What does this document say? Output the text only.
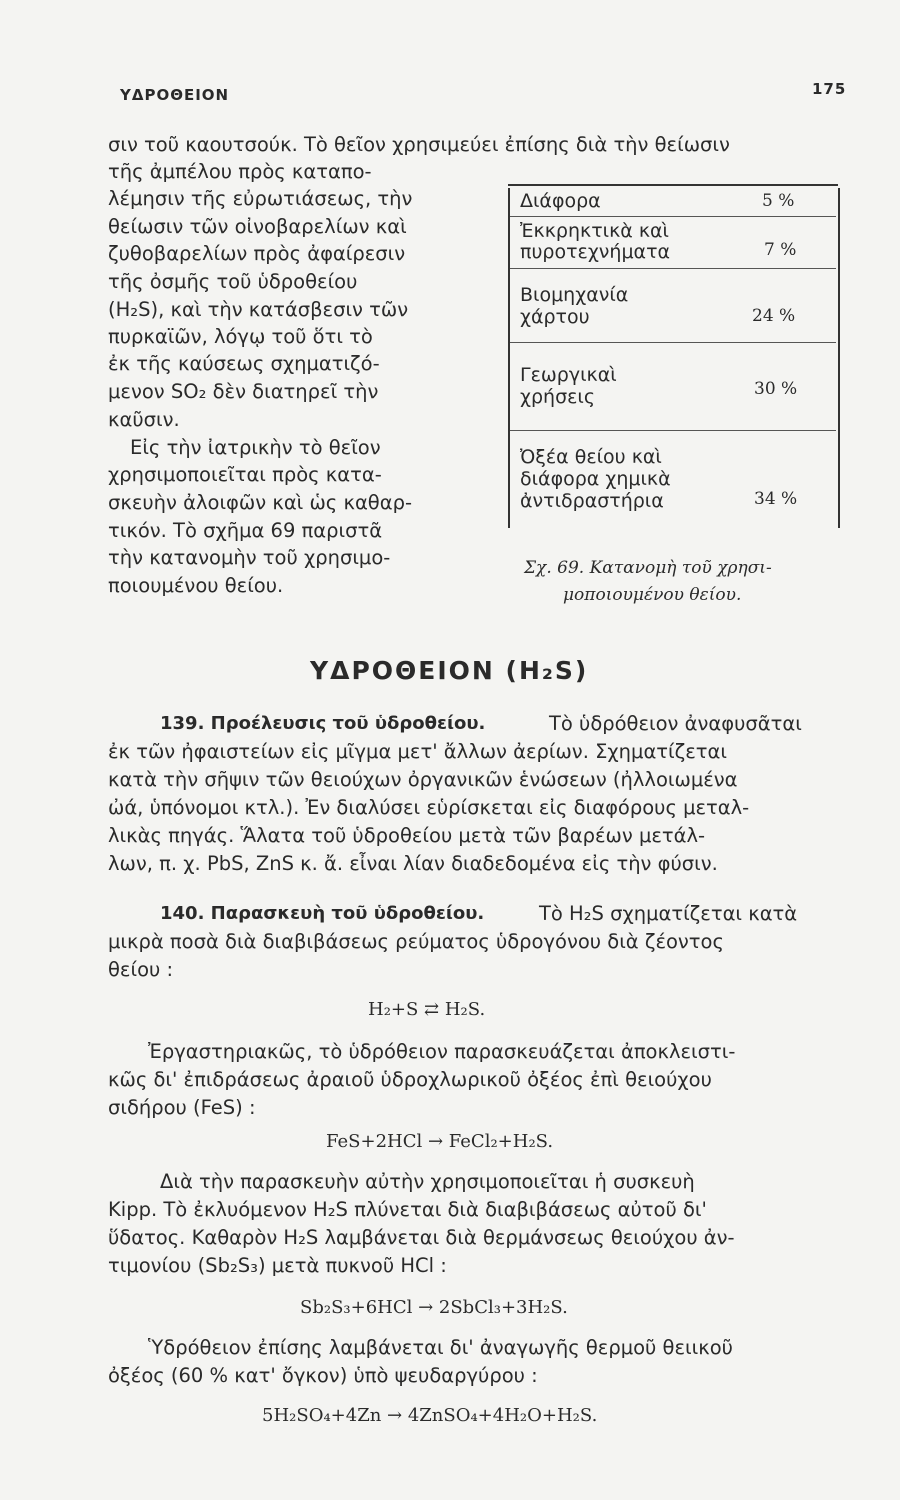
ΥΔΡΟΘΕΙΟΝ	175
σιν τοῦ καουτσούκ. Τὸ θεῖον χρησιμεύει ἐπίσης διὰ τὴν θείωσιν
τῆς ἀμπέλου πρὸς καταπο-
λέμησιν τῆς εὐρωτιάσεως, τὴν
θείωσιν τῶν οἰνοβαρελίων καὶ
ζυθοβαρελίων πρὸς ἀφαίρεσιν
τῆς ὀσμῆς τοῦ ὑδροθείου
(H₂S), καὶ τὴν κατάσβεσιν τῶν
πυρκαϊῶν, λόγῳ τοῦ ὅτι τὸ
ἐκ τῆς καύσεως σχηματιζό-
μενον SO₂ δὲν διατηρεῖ τὴν
καῦσιν.
Εἰς τὴν ἰατρικὴν τὸ θεῖον
χρησιμοποιεῖται πρὸς κατα-
σκευὴν ἀλοιφῶν καὶ ὡς καθαρ-
τικόν. Τὸ σχῆμα 69 παριστᾶ
τὴν κατανομὴν τοῦ χρησιμο-
ποιουμένου θείου.
Διάφορα	5 %
Ἐκκρηκτικὰ καὶ
πυροτεχνήματα	7 %
Βιομηχανία
χάρτου	24 %
Γεωργικαὶ
χρήσεις	30 %
Ὀξέα θείου καὶ
διάφορα χημικὰ
ἀντιδραστήρια	34 %
Σχ. 69. Κατανομὴ τοῦ χρησι-
μοποιουμένου θείου.
ΥΔΡΟΘΕΙΟΝ (H₂S)
139. Προέλευσις τοῦ ὑδροθείου.	Τὸ ὑδρόθειον ἀναφυσᾶται
ἐκ τῶν ἠφαιστείων εἰς μῖγμα μετ' ἄλλων ἀερίων. Σχηματίζεται
κατὰ τὴν σῆψιν τῶν θειούχων ὀργανικῶν ἑνώσεων (ἠλλοιωμένα
ὠά, ὑπόνομοι κτλ.). Ἐν διαλύσει εὑρίσκεται εἰς διαφόρους μεταλ-
λικὰς πηγάς. Ἅλατα τοῦ ὑδροθείου μετὰ τῶν βαρέων μετάλ-
λων, π. χ. PbS, ZnS κ. ἄ. εἶναι λίαν διαδεδομένα εἰς τὴν φύσιν.
140. Παρασκευὴ τοῦ ὑδροθείου.	Τὸ H₂S σχηματίζεται κατὰ
μικρὰ ποσὰ διὰ διαβιβάσεως ρεύματος ὑδρογόνου διὰ ζέοντος
θείου :
H₂+S ⇄ H₂S.
Ἐργαστηριακῶς, τὸ ὑδρόθειον παρασκευάζεται ἀποκλειστι-
κῶς δι' ἐπιδράσεως ἀραιοῦ ὑδροχλωρικοῦ ὀξέος ἐπὶ θειούχου
σιδήρου (FeS) :
FeS+2HCl → FeCl₂+H₂S.
Διὰ τὴν παρασκευὴν αὐτὴν χρησιμοποιεῖται ἡ συσκευὴ
Kipp. Τὸ ἐκλυόμενον H₂S πλύνεται διὰ διαβιβάσεως αὐτοῦ δι'
ὕδατος. Καθαρὸν H₂S λαμβάνεται διὰ θερμάνσεως θειούχου ἀν-
τιμονίου (Sb₂S₃) μετὰ πυκνοῦ HCl :
Sb₂S₃+6HCl → 2SbCl₃+3H₂S.
Ὑδρόθειον ἐπίσης λαμβάνεται δι' ἀναγωγῆς θερμοῦ θειικοῦ
ὀξέος (60 % κατ' ὄγκον) ὑπὸ ψευδαργύρου :
5H₂SO₄+4Zn → 4ZnSO₄+4H₂O+H₂S.
